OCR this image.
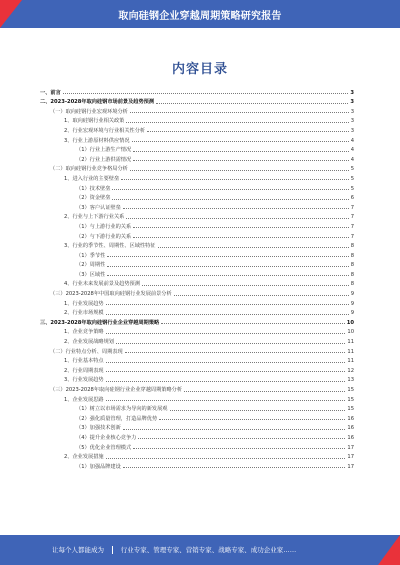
取向硅钢企业穿越周期策略研究报告
内容目录
一、前言	3
二、2023-2028年取向硅钢市场前景及趋势预测	3
（一）取向硅钢行业宏观环境分析	3
1、取向硅钢行业相关政策	3
2、行业宏观环境与行业相关性分析	3
3、行业上游原材料供应情况	4
（1）行业上游生产情况	4
（2）行业上游供需情况	4
（二）取向硅钢行业竞争格局分析	5
1、进入行业的主要壁垒	5
（1）技术壁垒	5
（2）资金壁垒	6
（3）客户认证壁垒	7
2、行业与上下游行业关系	7
（1）与上游行业的关系	7
（2）与下游行业的关系	7
3、行业的季节性、周期性、区域性特征	8
（1）季节性	8
（2）周期性	8
（3）区域性	8
4、行业未来发展前景及趋势预测	8
（三）2023-2028年中国取向硅钢行业发展前景分析	9
1、行业发展趋势	9
2、行业市场规模	9
三、2023-2028年取向硅钢行业企业穿越周期策略	10
1、企业竞争策略	10
2、企业发展战略规划	11
（二）行业特点分析、周期表现	11
1、行业基本特点	11
2、行业周期表现	12
3、行业发展趋势	13
（三）2023-2028年取向硅钢行业企业穿越周期策略分析	15
1、企业发展思路	15
（1）树立以市场需求为导向的新发展观	15
（2）强化质量管理，打造品牌优势	16
（3）加强技术创新	16
（4）提升企业核心竞争力	16
（5）优化企业管理模式	17
2、企业发展措施	17
（1）加强品牌建设	17
让每个人都能成为	行业专家、管理专家、营销专家、战略专家、成功企业家……
